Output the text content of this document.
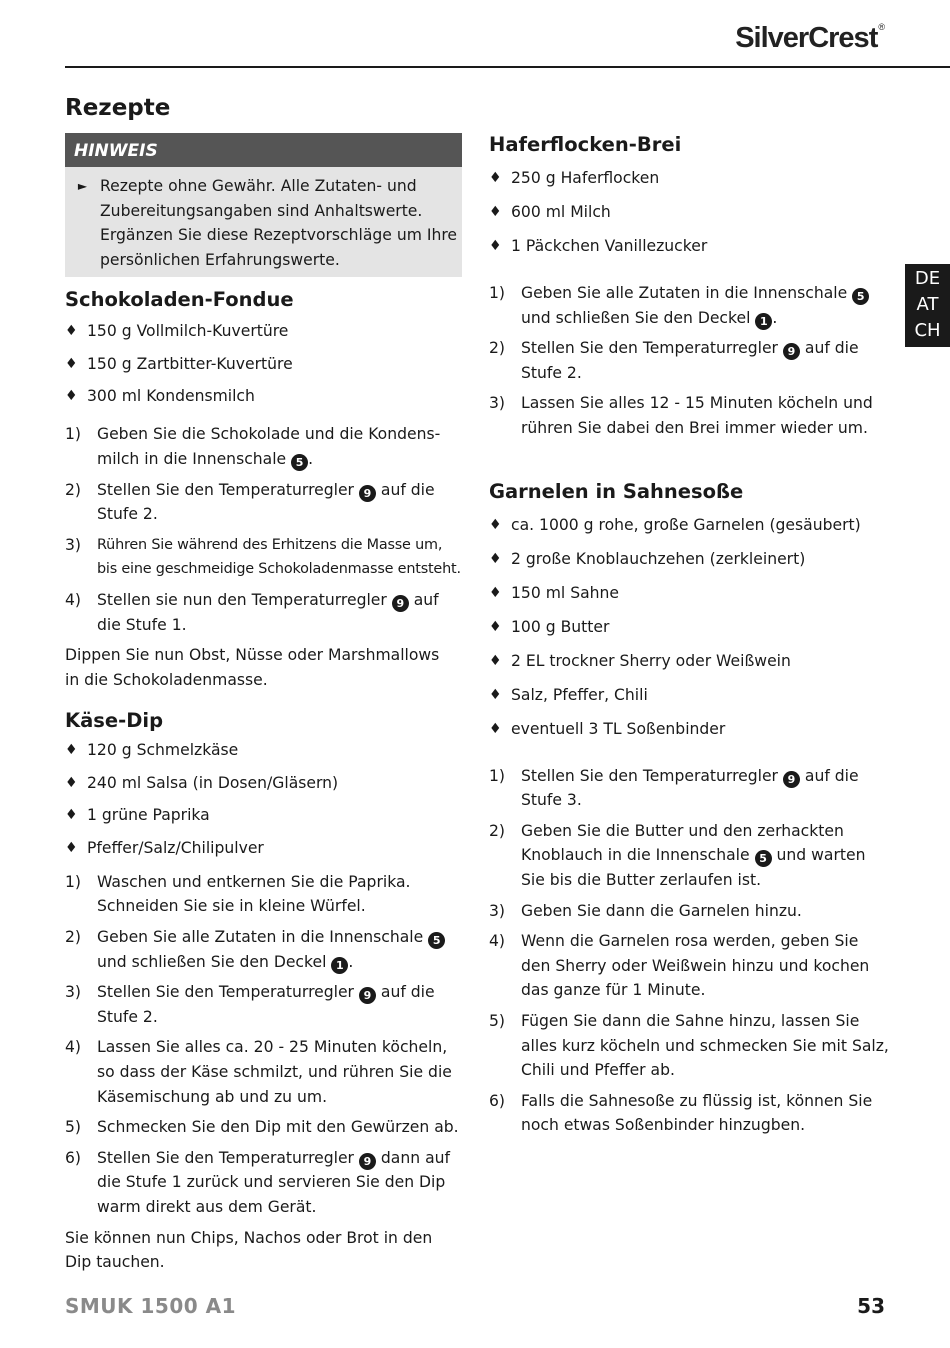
SilverCrest®
DE
AT
CH
Rezepte
HINWEIS
► Rezepte ohne Gewähr. Alle Zutaten- und
Zubereitungsangaben sind Anhaltswerte.
Ergänzen Sie diese Rezeptvorschläge um Ihre
persönlichen Erfahrungswerte.
Schokoladen-Fondue
♦ 150 g Vollmilch-Kuvertüre
♦ 150 g Zartbitter-Kuvertüre
♦ 300 ml Kondensmilch
1)	Geben Sie die Schokolade und die Kondens-
milch in die Innenschale 5 .
2)	Stellen Sie den Temperaturregler 9 auf die
Stufe 2.
3)	Rühren Sie während des Erhitzens die Masse um,
bis eine geschmeidige Schokoladenmasse entsteht.
4)	Stellen sie nun den Temperaturregler 9 auf
die Stufe 1.

Dippen Sie nun Obst, Nüsse oder Marshmallows
in die Schokoladenmasse.

Käse-Dip
♦ 120 g Schmelzkäse
♦ 240 ml Salsa (in Dosen/Gläsern)
♦ 1 grüne Paprika
♦ Pfeffer/Salz/Chilipulver
1)	Waschen und entkernen Sie die Paprika.
Schneiden Sie sie in kleine Würfel.
2)	Geben Sie alle Zutaten in die Innenschale 5
und schließen Sie den Deckel 1 .
3)	Stellen Sie den Temperaturregler 9 auf die
Stufe 2.
4)	Lassen Sie alles ca. 20 - 25 Minuten köcheln,
so dass der Käse schmilzt, und rühren Sie die
Käsemischung ab und zu um.
5)	Schmecken Sie den Dip mit den Gewürzen ab.
6)	Stellen Sie den Temperaturregler 9 dann auf
die Stufe 1 zurück und servieren Sie den Dip
warm direkt aus dem Gerät.

Sie können nun Chips, Nachos oder Brot in den
Dip tauchen.

Haferflocken-Brei
♦ 250 g Haferflocken
♦ 600 ml Milch
♦ 1 Päckchen Vanillezucker
1)	Geben Sie alle Zutaten in die Innenschale 5
und schließen Sie den Deckel 1 .
2)	Stellen Sie den Temperaturregler 9 auf die
Stufe 2.
3)	Lassen Sie alles 12 - 15 Minuten köcheln und
rühren Sie dabei den Brei immer wieder um.
Garnelen in Sahnesoße
♦ ca. 1000 g rohe, große Garnelen (gesäubert)
♦ 2 große Knoblauchzehen (zerkleinert)
♦ 150 ml Sahne
♦ 100 g Butter
♦ 2 EL trockner Sherry oder Weißwein
♦ Salz, Pfeffer, Chili
♦ eventuell 3 TL Soßenbinder
1)	Stellen Sie den Temperaturregler 9 auf die
Stufe 3.
2)	Geben Sie die Butter und den zerhackten
Knoblauch in die Innenschale 5 und warten
Sie bis die Butter zerlaufen ist.
3)	Geben Sie dann die Garnelen hinzu.
4)	Wenn die Garnelen rosa werden, geben Sie
den Sherry oder Weißwein hinzu und kochen
das ganze für 1 Minute.
5)	Fügen Sie dann die Sahne hinzu, lassen Sie
alles kurz köcheln und schmecken Sie mit Salz,
Chili und Pfeffer ab.
6)	Falls die Sahnesoße zu flüssig ist, können Sie
noch etwas Soßenbinder hinzugben.
SMUK 1500 A1	53
